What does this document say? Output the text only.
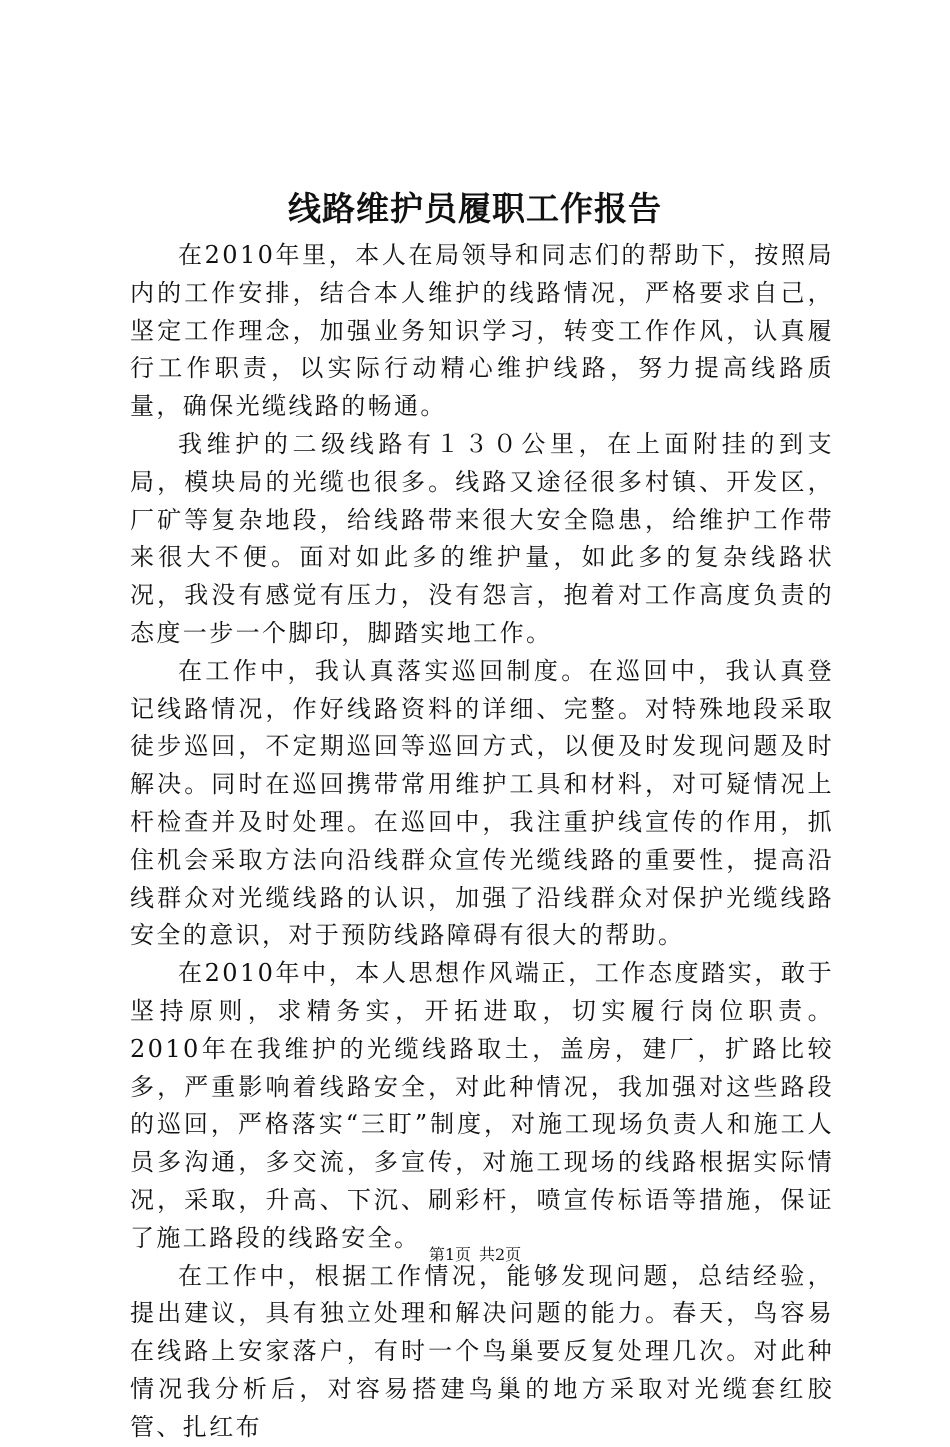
线路维护员履职工作报告

在2010年里，本人在局领导和同志们的帮助下，按照局内的工作安排，结合本人维护的线路情况，严格要求自己，坚定工作理念，加强业务知识学习，转变工作作风，认真履行工作职责，以实际行动精心维护线路，努力提高线路质量，确保光缆线路的畅通。

我维护的二级线路有１３０公里，在上面附挂的到支局，模块局的光缆也很多。线路又途径很多村镇、开发区，厂矿等复杂地段，给线路带来很大安全隐患，给维护工作带来很大不便。面对如此多的维护量，如此多的复杂线路状况，我没有感觉有压力，没有怨言，抱着对工作高度负责的态度一步一个脚印，脚踏实地工作。

在工作中，我认真落实巡回制度。在巡回中，我认真登记线路情况，作好线路资料的详细、完整。对特殊地段采取徒步巡回，不定期巡回等巡回方式，以便及时发现问题及时解决。同时在巡回携带常用维护工具和材料，对可疑情况上杆检查并及时处理。在巡回中，我注重护线宣传的作用，抓住机会采取方法向沿线群众宣传光缆线路的重要性，提高沿线群众对光缆线路的认识，加强了沿线群众对保护光缆线路安全的意识，对于预防线路障碍有很大的帮助。

在2010年中，本人思想作风端正，工作态度踏实，敢于坚持原则，求精务实，开拓进取，切实履行岗位职责。2010年在我维护的光缆线路取土，盖房，建厂，扩路比较多，严重影响着线路安全，对此种情况，我加强对这些路段的巡回，严格落实“三盯”制度，对施工现场负责人和施工人员多沟通，多交流，多宣传，对施工现场的线路根据实际情况，采取，升高、下沉、刷彩杆，喷宣传标语等措施，保证了施工路段的线路安全。

在工作中，根据工作情况，能够发现问题，总结经验，提出建议，具有独立处理和解决问题的能力。春天，鸟容易在线路上安家落户，有时一个鸟巢要反复处理几次。对此种情况我分析后，对容易搭建鸟巢的地方采取对光缆套红胶管、扎红布

第1页 共2页
